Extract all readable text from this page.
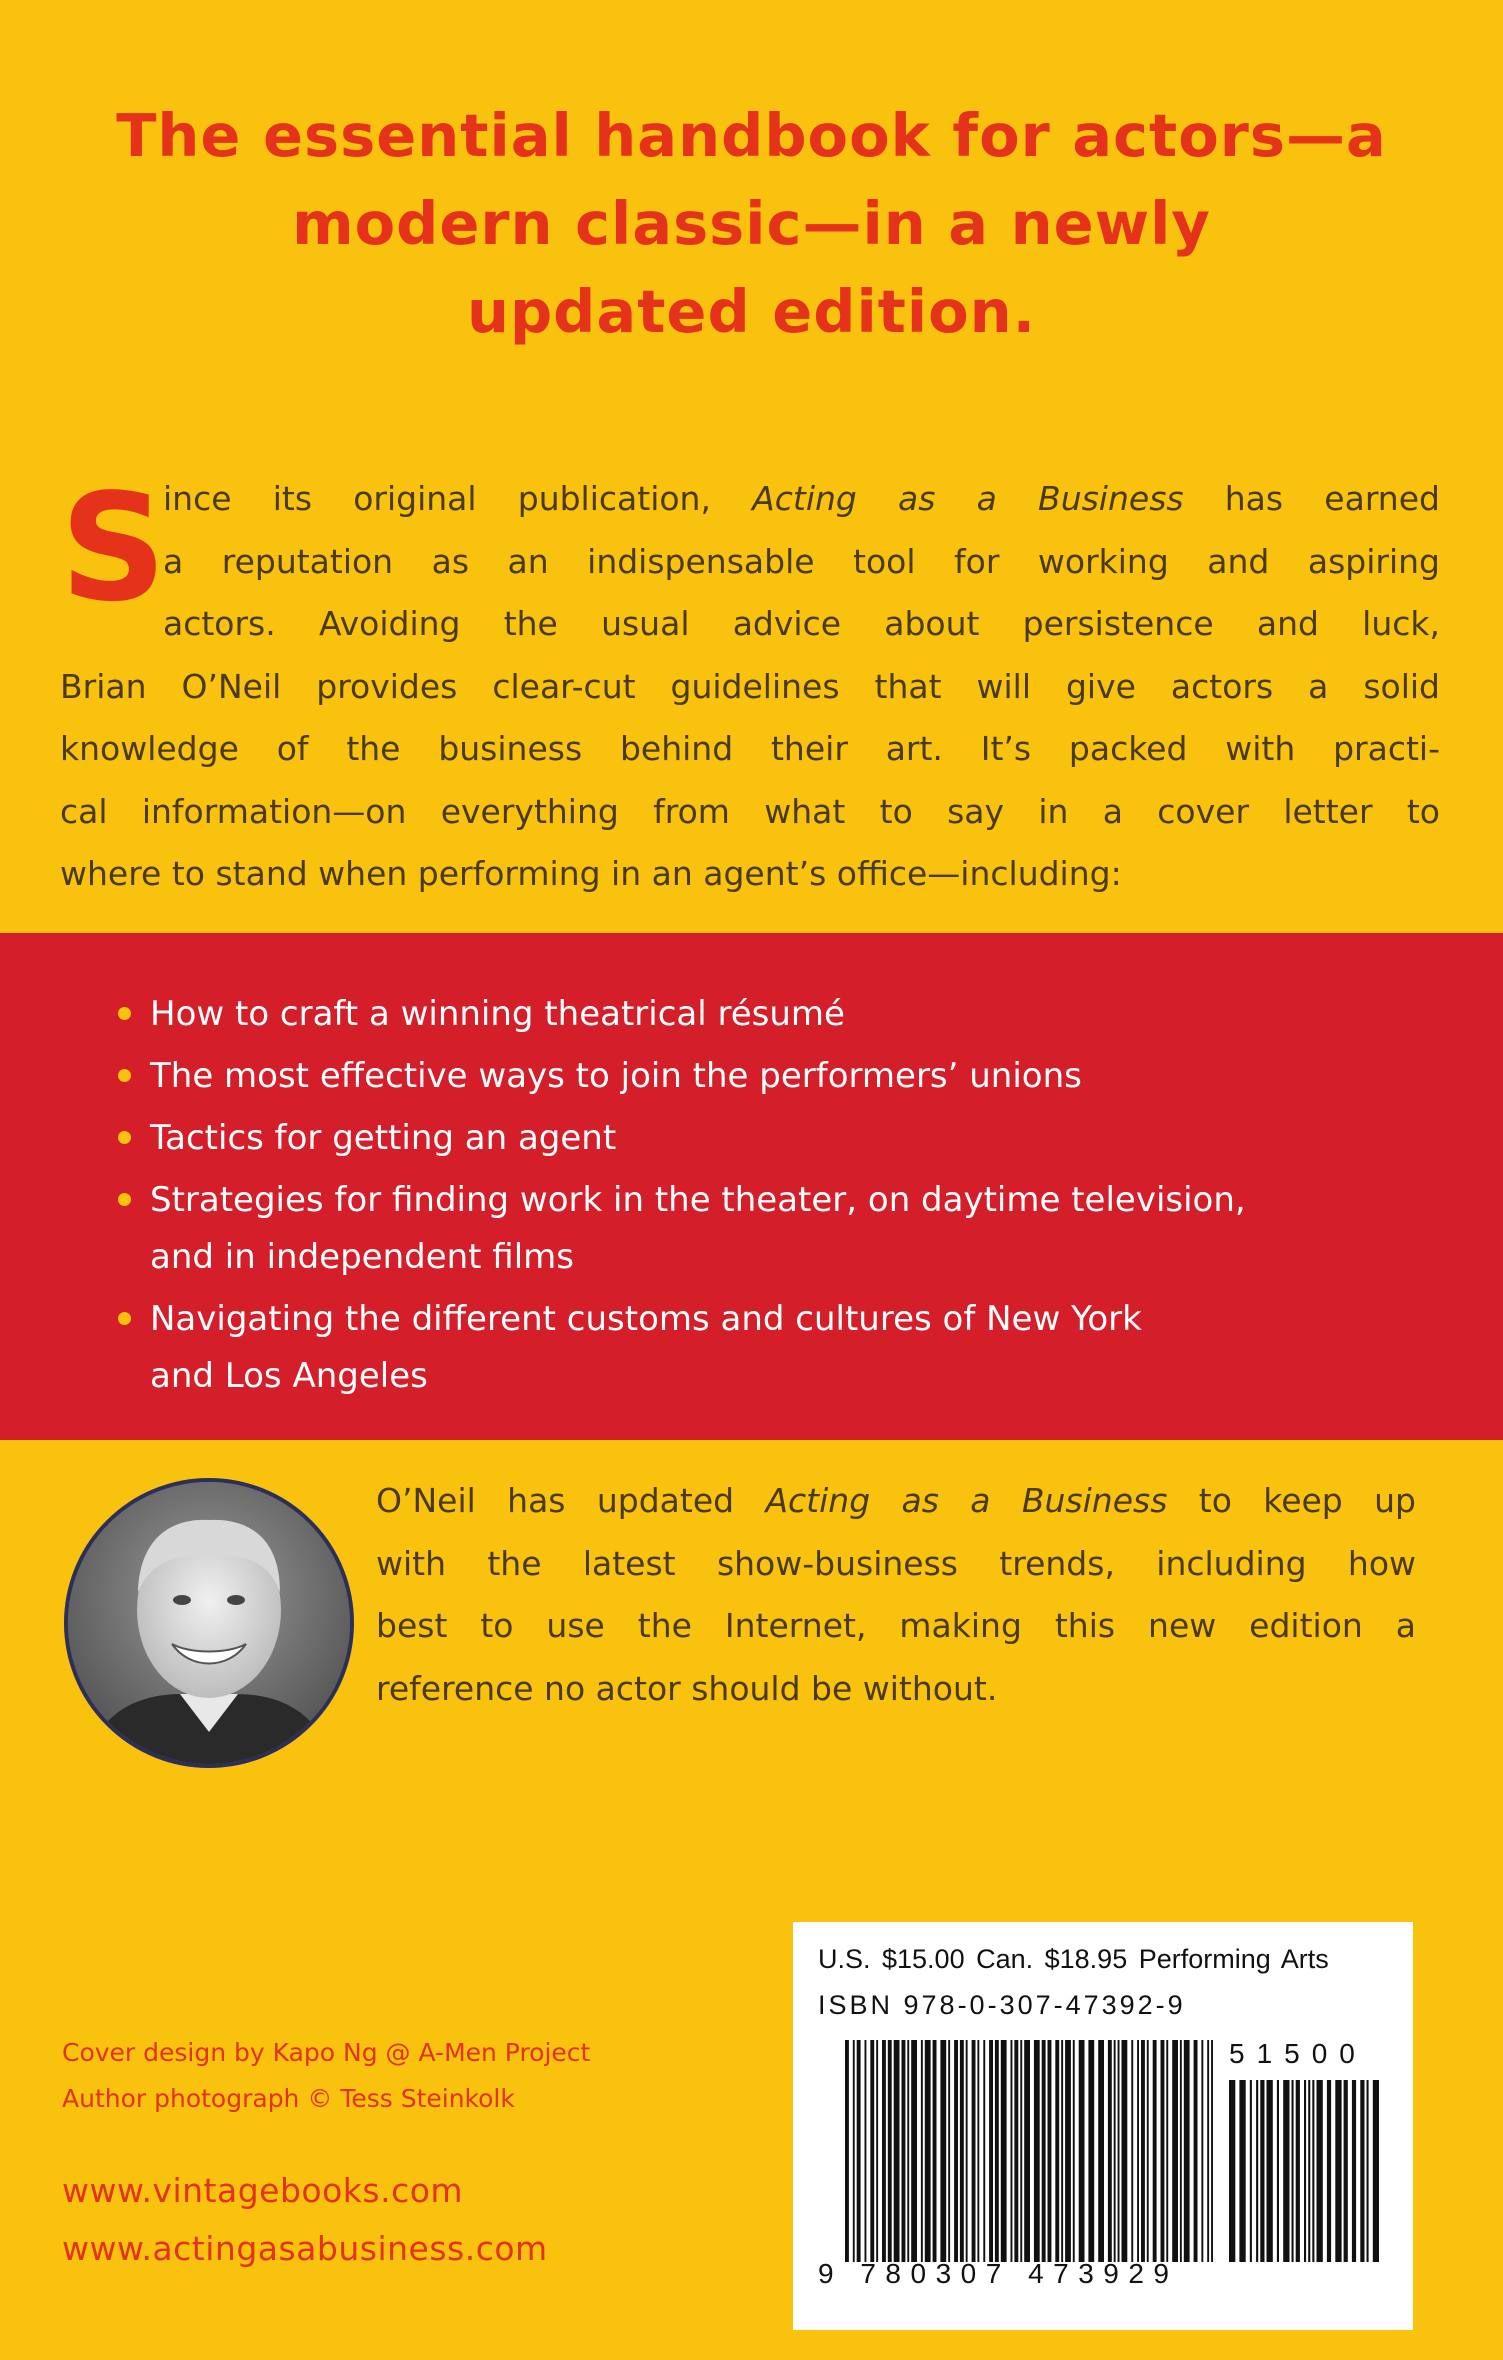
The essential handbook for actors—a
modern classic—in a newly
updated edition.
S
ince its original publication, Acting as a Business has earned
a reputation as an indispensable tool for working and aspiring
actors. Avoiding the usual advice about persistence and luck,
Brian O’Neil provides clear-cut guidelines that will give actors a solid
knowledge of the business behind their art. It’s packed with practi-
cal information—on everything from what to say in a cover letter to
where to stand when performing in an agent’s office—including:
How to craft a winning theatrical résumé
The most effective ways to join the performers’ unions
Tactics for getting an agent
Strategies for finding work in the theater, on daytime television,
and in independent films
Navigating the different customs and cultures of New York
and Los Angeles
O’Neil has updated Acting as a Business to keep up
with the latest show-business trends, including how
best to use the Internet, making this new edition a
reference no actor should be without.
Cover design by Kapo Ng @ A-Men Project
Author photograph © Tess Steinkolk
www.vintagebooks.com
www.actingasabusiness.com
U.S. $15.00 Can. $18.95 Performing Arts
ISBN 978-0-307-47392-9
51500
9 780307 473929
